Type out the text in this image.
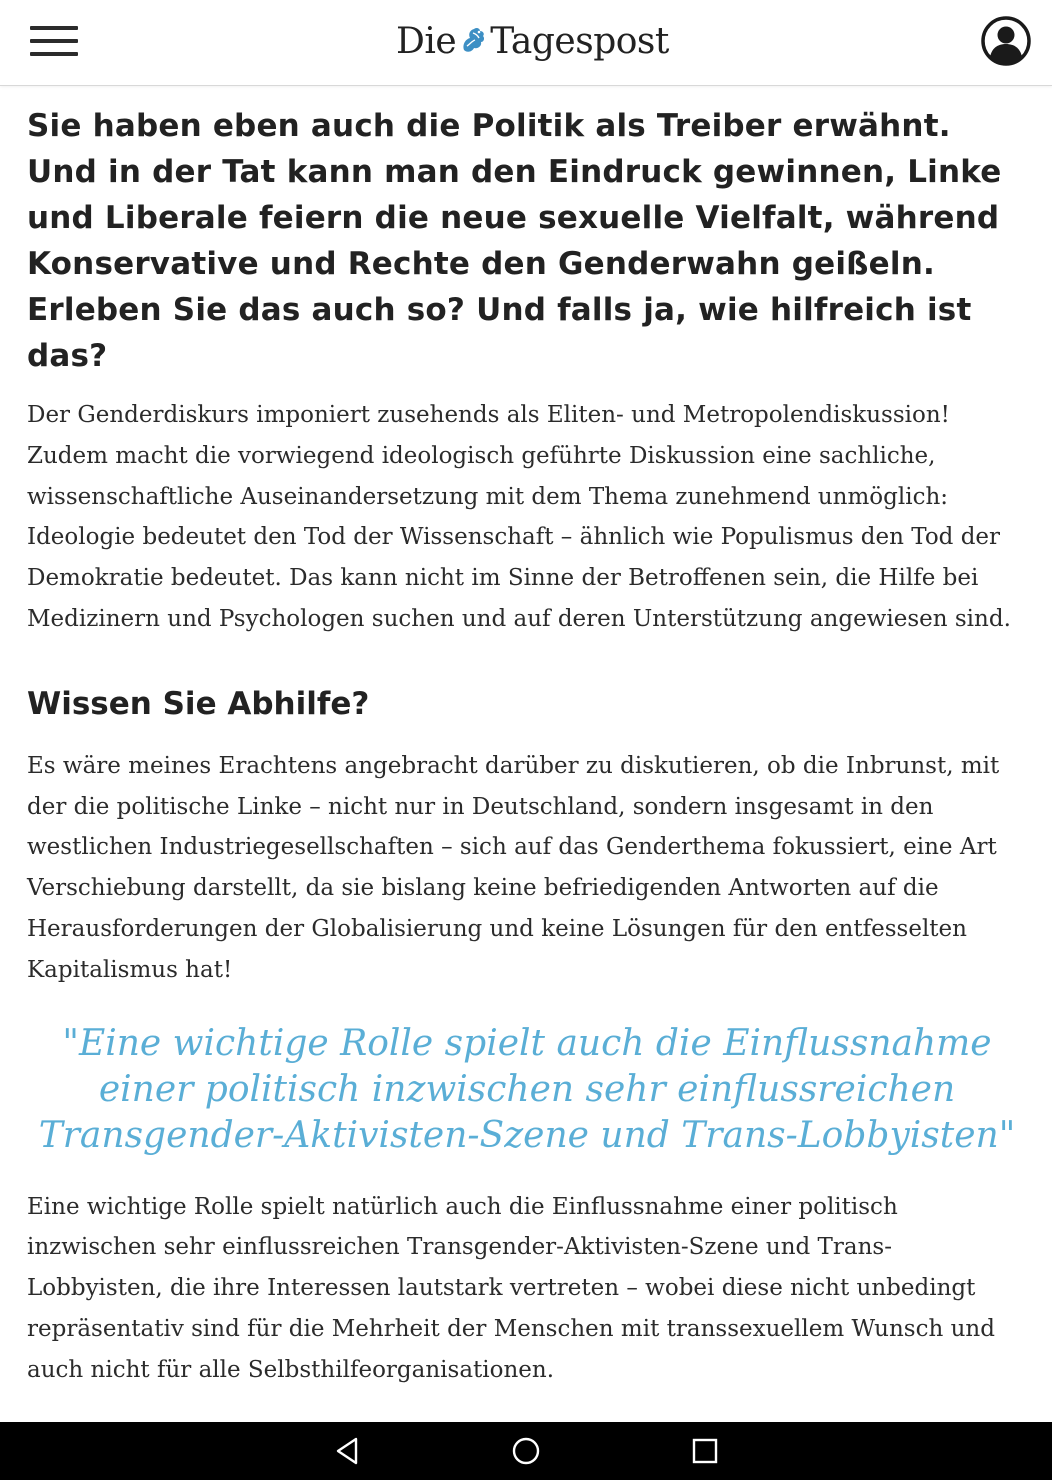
Die Tagespost
Sie haben eben auch die Politik als Treiber erwähnt. Und in der Tat kann man den Eindruck gewinnen, Linke und Liberale feiern die neue sexuelle Vielfalt, während Konservative und Rechte den Genderwahn geißeln. Erleben Sie das auch so? Und falls ja, wie hilfreich ist das?

Der Genderdiskurs imponiert zusehends als Eliten- und Metropolendiskussion! Zudem macht die vorwiegend ideologisch geführte Diskussion eine sachliche, wissenschaftliche Auseinandersetzung mit dem Thema zunehmend unmöglich: Ideologie bedeutet den Tod der Wissenschaft – ähnlich wie Populismus den Tod der Demokratie bedeutet. Das kann nicht im Sinne der Betroffenen sein, die Hilfe bei Medizinern und Psychologen suchen und auf deren Unterstützung angewiesen sind.

Wissen Sie Abhilfe?

Es wäre meines Erachtens angebracht darüber zu diskutieren, ob die Inbrunst, mit der die politische Linke – nicht nur in Deutschland, sondern insgesamt in den westlichen Industriegesellschaften – sich auf das Genderthema fokussiert, eine Art Verschiebung darstellt, da sie bislang keine befriedigenden Antworten auf die Herausforderungen der Globalisierung und keine Lösungen für den entfesselten Kapitalismus hat!

"Eine wichtige Rolle spielt auch die Einflussnahme einer politisch inzwischen sehr einflussreichen Transgender-Aktivisten-Szene und Trans-Lobbyisten"

Eine wichtige Rolle spielt natürlich auch die Einflussnahme einer politisch inzwischen sehr einflussreichen Transgender-Aktivisten-Szene und Trans-Lobbyisten, die ihre Interessen lautstark vertreten – wobei diese nicht unbedingt repräsentativ sind für die Mehrheit der Menschen mit transsexuellem Wunsch und auch nicht für alle Selbsthilfeorganisationen.
